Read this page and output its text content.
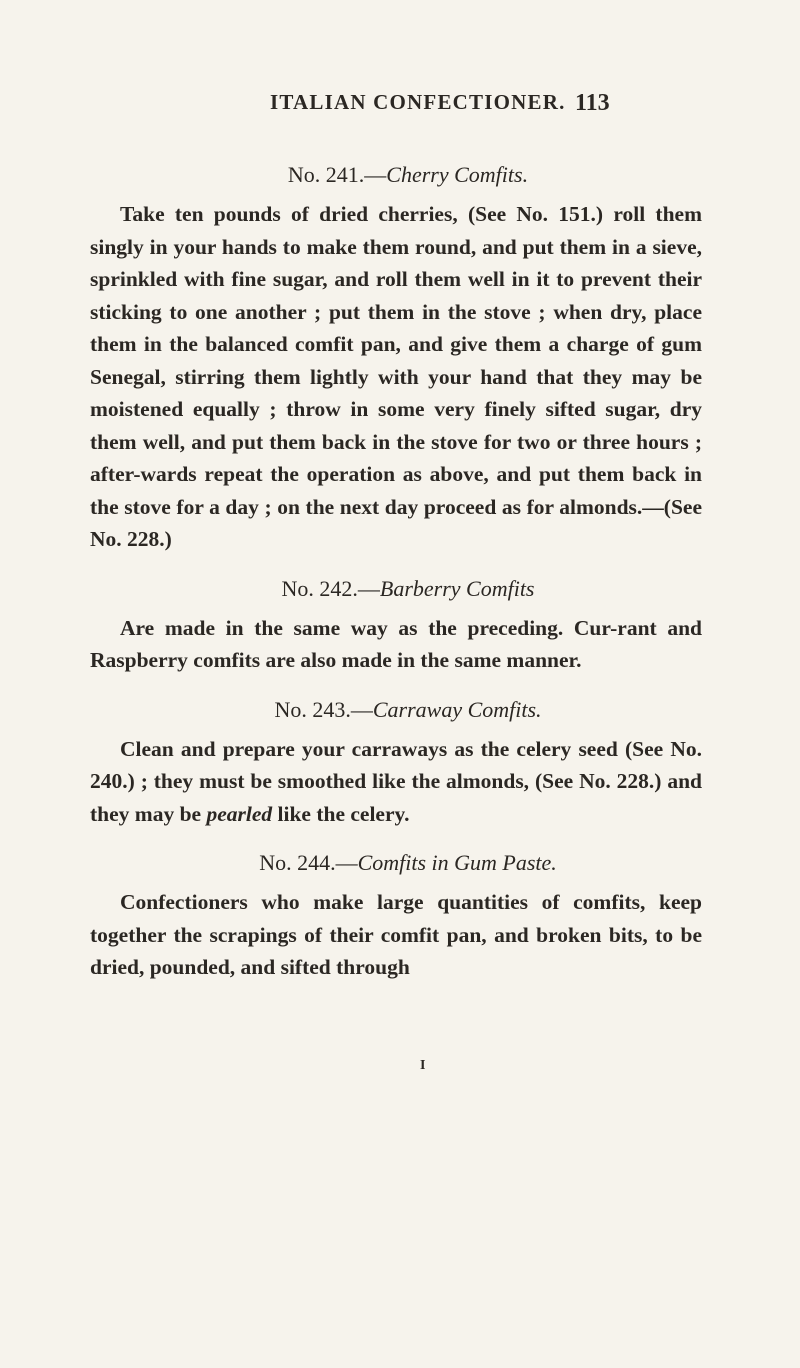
ITALIAN CONFECTIONER. 113
No. 241.—Cherry Comfits.

Take ten pounds of dried cherries, (See No. 151.) roll them singly in your hands to make them round, and put them in a sieve, sprinkled with fine sugar, and roll them well in it to prevent their sticking to one another ; put them in the stove ; when dry, place them in the balanced comfit pan, and give them a charge of gum Senegal, stirring them lightly with your hand that they may be moistened equally ; throw in some very finely sifted sugar, dry them well, and put them back in the stove for two or three hours ; after-wards repeat the operation as above, and put them back in the stove for a day ; on the next day proceed as for almonds.—(See No. 228.)

No. 242.—Barberry Comfits

Are made in the same way as the preceding. Cur-rant and Raspberry comfits are also made in the same manner.

No. 243.—Carraway Comfits.

Clean and prepare your carraways as the celery seed (See No. 240.) ; they must be smoothed like the almonds, (See No. 228.) and they may be pearled like the celery.

No. 244.—Comfits in Gum Paste.

Confectioners who make large quantities of comfits, keep together the scrapings of their comfit pan, and broken bits, to be dried, pounded, and sifted through

I
